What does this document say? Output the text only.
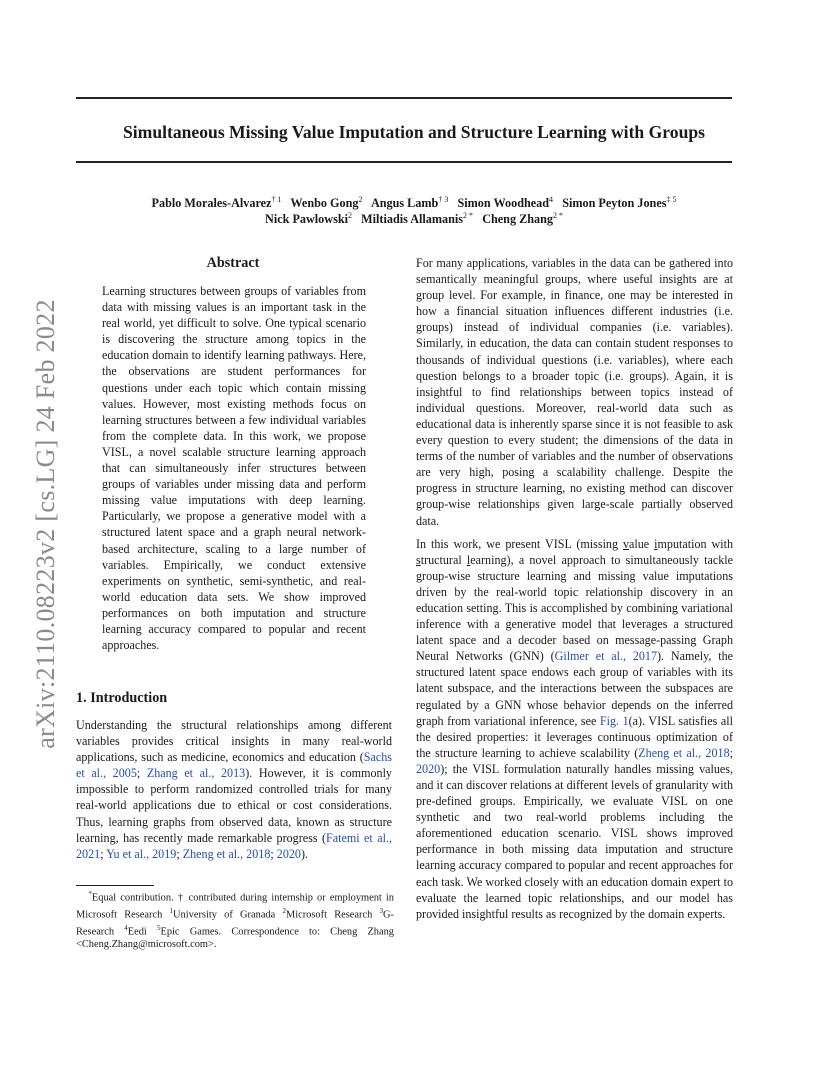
Simultaneous Missing Value Imputation and Structure Learning with Groups
Pablo Morales-Alvarez$^{\dagger 1}$ Wenbo Gong$^2$ Angus Lamb$^{\dagger 3}$ Simon Woodhead$^4$ Simon Peyton Jones$^{\ddagger 5}$
Nick Pawlowski$^2$ Miltiadis Allamanis$^{2 *}$ Cheng Zhang$^{2 *}$
arXiv:2110.08223v2 [cs.LG] 24 Feb 2022
Abstract

Learning structures between groups of variables from data with missing values is an important task in the real world, yet difficult to solve. One typical scenario is discovering the structure among topics in the education domain to identify learning pathways. Here, the observations are student performances for questions under each topic which contain missing values. However, most existing methods focus on learning structures between a few individual variables from the complete data. In this work, we propose VISL, a novel scalable structure learning approach that can simultaneously infer structures between groups of variables under missing data and perform missing value imputations with deep learning. Particularly, we propose a generative model with a structured latent space and a graph neural network-based architecture, scaling to a large number of variables. Empirically, we conduct extensive experiments on synthetic, semi-synthetic, and real-world education data sets. We show improved performances on both imputation and structure learning accuracy compared to popular and recent approaches.

1. Introduction

Understanding the structural relationships among different variables provides critical insights in many real-world applications, such as medicine, economics and education (Sachs et al., 2005; Zhang et al., 2013). However, it is commonly impossible to perform randomized controlled trials for many real-world applications due to ethical or cost considerations. Thus, learning graphs from observed data, known as structure learning, has recently made remarkable progress (Fatemi et al., 2021; Yu et al., 2019; Zheng et al., 2018; 2020).

*Equal contribution. † contributed during internship or employment in Microsoft Research $^1$University of Granada $^2$Microsoft Research $^3$G-Research $^4$Eedi $^5$Epic Games. Correspondence to: Cheng Zhang <Cheng.Zhang@microsoft.com>.

For many applications, variables in the data can be gathered into semantically meaningful groups, where useful insights are at group level. For example, in finance, one may be interested in how a financial situation influences different industries (i.e. groups) instead of individual companies (i.e. variables). Similarly, in education, the data can contain student responses to thousands of individual questions (i.e. variables), where each question belongs to a broader topic (i.e. groups). Again, it is insightful to find relationships between topics instead of individual questions. Moreover, real-world data such as educational data is inherently sparse since it is not feasible to ask every question to every student; the dimensions of the data in terms of the number of variables and the number of observations are very high, posing a scalability challenge. Despite the progress in structure learning, no existing method can discover group-wise relationships given large-scale partially observed data.

In this work, we present VISL (missing value imputation with structural learning), a novel approach to simultaneously tackle group-wise structure learning and missing value imputations driven by the real-world topic relationship discovery in an education setting. This is accomplished by combining variational inference with a generative model that leverages a structured latent space and a decoder based on message-passing Graph Neural Networks (GNN) (Gilmer et al., 2017). Namely, the structured latent space endows each group of variables with its latent subspace, and the interactions between the subspaces are regulated by a GNN whose behavior depends on the inferred graph from variational inference, see Fig. 1(a). VISL satisfies all the desired properties: it leverages continuous optimization of the structure learning to achieve scalability (Zheng et al., 2018; 2020); the VISL formulation naturally handles missing values, and it can discover relations at different levels of granularity with pre-defined groups. Empirically, we evaluate VISL on one synthetic and two real-world problems including the aforementioned education scenario. VISL shows improved performance in both missing data imputation and structure learning accuracy compared to popular and recent approaches for each task. We worked closely with an education domain expert to evaluate the learned topic relationships, and our model has provided insightful results as recognized by the domain experts.
